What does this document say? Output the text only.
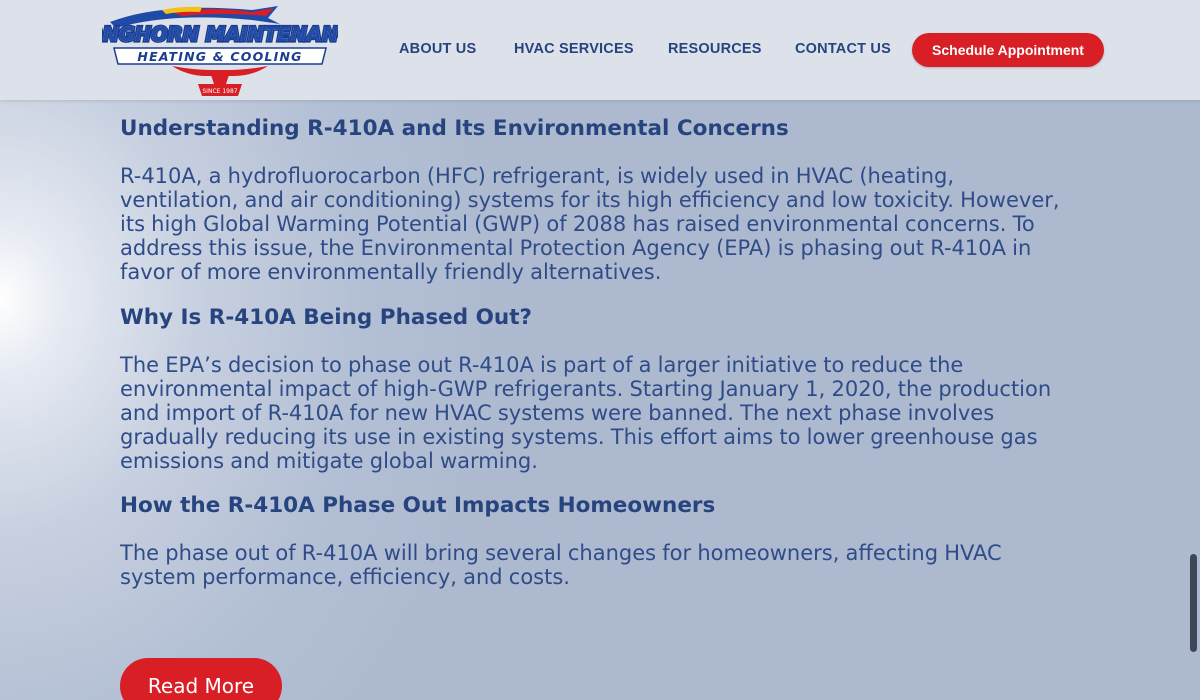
NGHORN MAINTENAN
NGHORN MAINTENAN
HEATING & COOLING
SINCE 1987
ABOUT US	HVAC SERVICES RESOURCES CONTACT US	Schedule Appointment
Understanding R-410A and Its Environmental Concerns

R-410A, a hydrofluorocarbon (HFC) refrigerant, is widely used in HVAC (heating,
ventilation, and air conditioning) systems for its high efficiency and low toxicity. However,
its high Global Warming Potential (GWP) of 2088 has raised environmental concerns. To
address this issue, the Environmental Protection Agency (EPA) is phasing out R-410A in
favor of more environmentally friendly alternatives.

Why Is R-410A Being Phased Out?

The EPA’s decision to phase out R-410A is part of a larger initiative to reduce the
environmental impact of high-GWP refrigerants. Starting January 1, 2020, the production
and import of R-410A for new HVAC systems were banned. The next phase involves
gradually reducing its use in existing systems. This effort aims to lower greenhouse gas
emissions and mitigate global warming.

How the R-410A Phase Out Impacts Homeowners

The phase out of R-410A will bring several changes for homeowners, affecting HVAC
system performance, efficiency, and costs.

Read More
